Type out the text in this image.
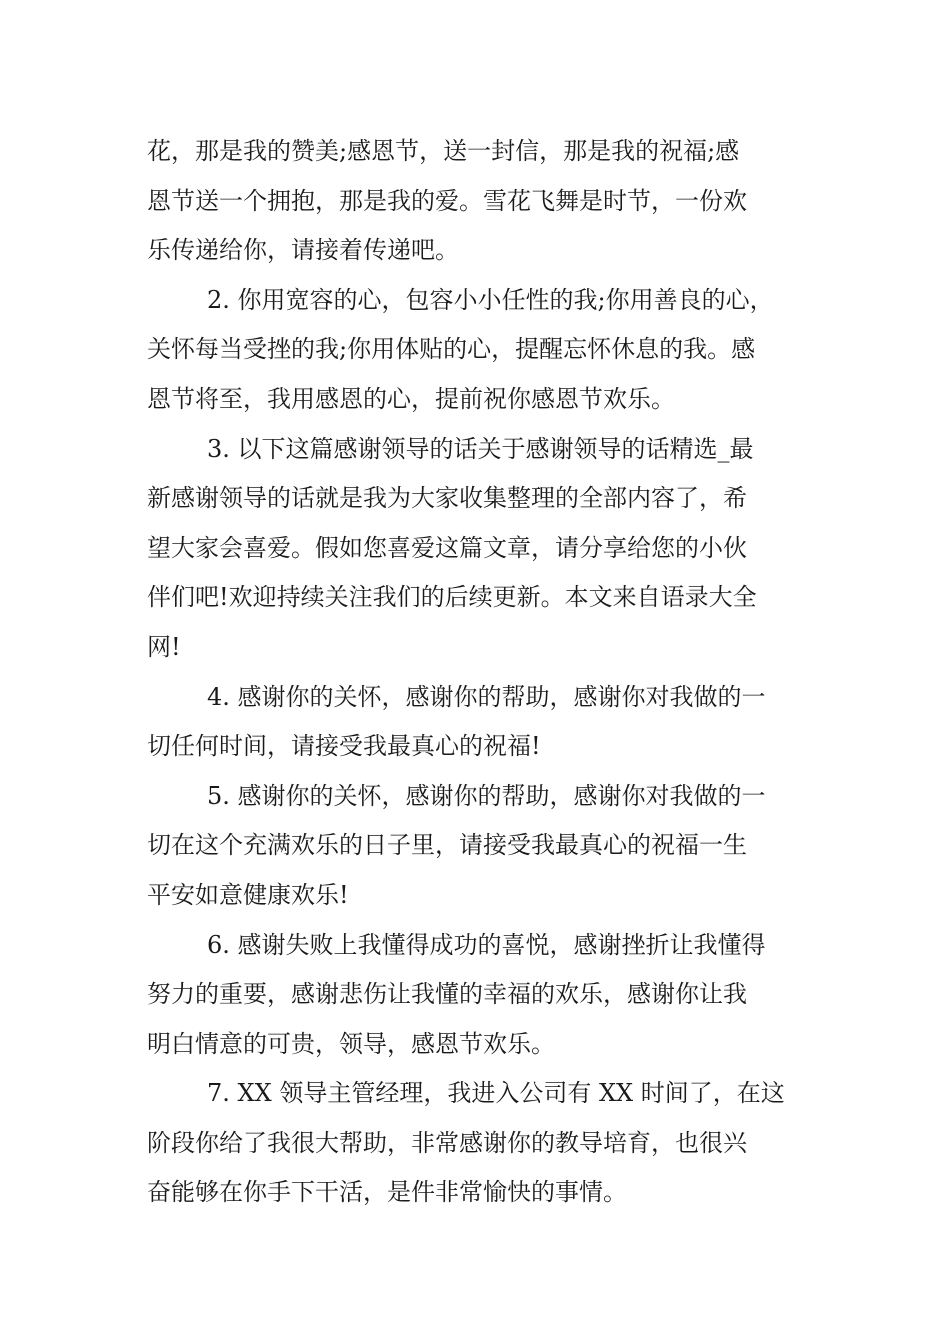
花，那是我的赞美;感恩节，送一封信，那是我的祝福;感
恩节送一个拥抱，那是我的爱。雪花飞舞是时节，一份欢
乐传递给你，请接着传递吧。
2. 你用宽容的心，包容小小任性的我;你用善良的心，
关怀每当受挫的我;你用体贴的心，提醒忘怀休息的我。感
恩节将至，我用感恩的心，提前祝你感恩节欢乐。
3. 以下这篇感谢领导的话关于感谢领导的话精选_最
新感谢领导的话就是我为大家收集整理的全部内容了，希
望大家会喜爱。假如您喜爱这篇文章，请分享给您的小伙
伴们吧!欢迎持续关注我们的后续更新。本文来自语录大全
网!
4. 感谢你的关怀，感谢你的帮助，感谢你对我做的一
切任何时间，请接受我最真心的祝福!
5. 感谢你的关怀，感谢你的帮助，感谢你对我做的一
切在这个充满欢乐的日子里，请接受我最真心的祝福一生
平安如意健康欢乐!
6. 感谢失败上我懂得成功的喜悦，感谢挫折让我懂得
努力的重要，感谢悲伤让我懂的幸福的欢乐，感谢你让我
明白情意的可贵，领导，感恩节欢乐。
7. XX 领导主管经理，我进入公司有 XX 时间了，在这
阶段你给了我很大帮助，非常感谢你的教导培育，也很兴
奋能够在你手下干活，是件非常愉快的事情。
